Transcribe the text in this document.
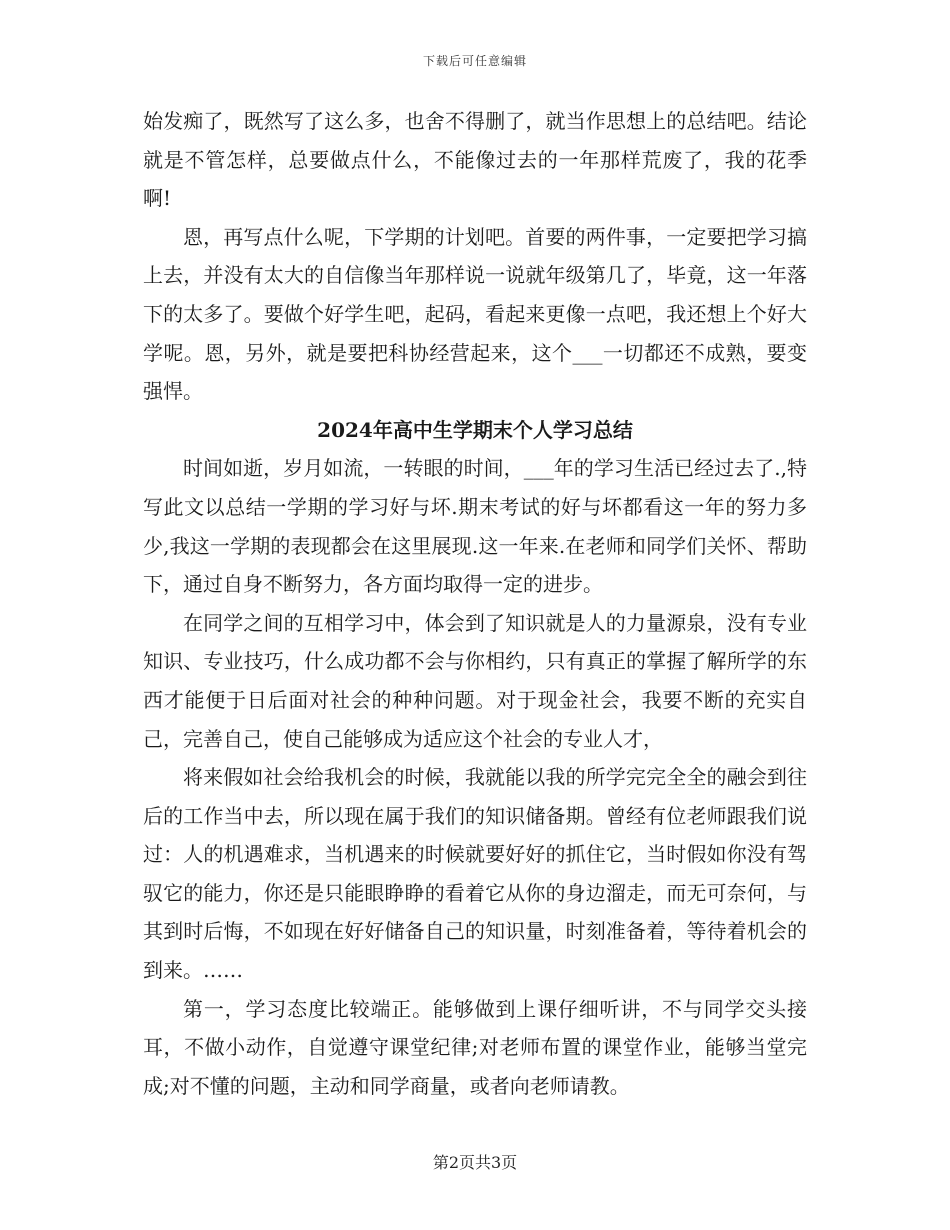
下载后可任意编辑

始发痴了，既然写了这么多，也舍不得删了，就当作思想上的总结吧。结论就是不管怎样，总要做点什么，不能像过去的一年那样荒废了，我的花季啊!

恩，再写点什么呢，下学期的计划吧。首要的两件事，一定要把学习搞上去，并没有太大的自信像当年那样说一说就年级第几了，毕竟，这一年落下的太多了。要做个好学生吧，起码，看起来更像一点吧，我还想上个好大学呢。恩，另外，就是要把科协经营起来，这个___一切都还不成熟，要变强悍。

2024年高中生学期末个人学习总结

时间如逝，岁月如流，一转眼的时间，___年的学习生活已经过去了.,特写此文以总结一学期的学习好与坏.期末考试的好与坏都看这一年的努力多少,我这一学期的表现都会在这里展现.这一年来.在老师和同学们关怀、帮助下，通过自身不断努力，各方面均取得一定的进步。

在同学之间的互相学习中，体会到了知识就是人的力量源泉，没有专业知识、专业技巧，什么成功都不会与你相约，只有真正的掌握了解所学的东西才能便于日后面对社会的种种问题。对于现金社会，我要不断的充实自己，完善自己，使自己能够成为适应这个社会的专业人才，

将来假如社会给我机会的时候，我就能以我的所学完完全全的融会到往后的工作当中去，所以现在属于我们的知识储备期。曾经有位老师跟我们说过：人的机遇难求，当机遇来的时候就要好好的抓住它，当时假如你没有驾驭它的能力，你还是只能眼睁睁的看着它从你的身边溜走，而无可奈何，与其到时后悔，不如现在好好储备自己的知识量，时刻准备着，等待着机会的到来。……

第一，学习态度比较端正。能够做到上课仔细听讲，不与同学交头接耳，不做小动作，自觉遵守课堂纪律;对老师布置的课堂作业，能够当堂完成;对不懂的问题，主动和同学商量，或者向老师请教。

第2页共3页
